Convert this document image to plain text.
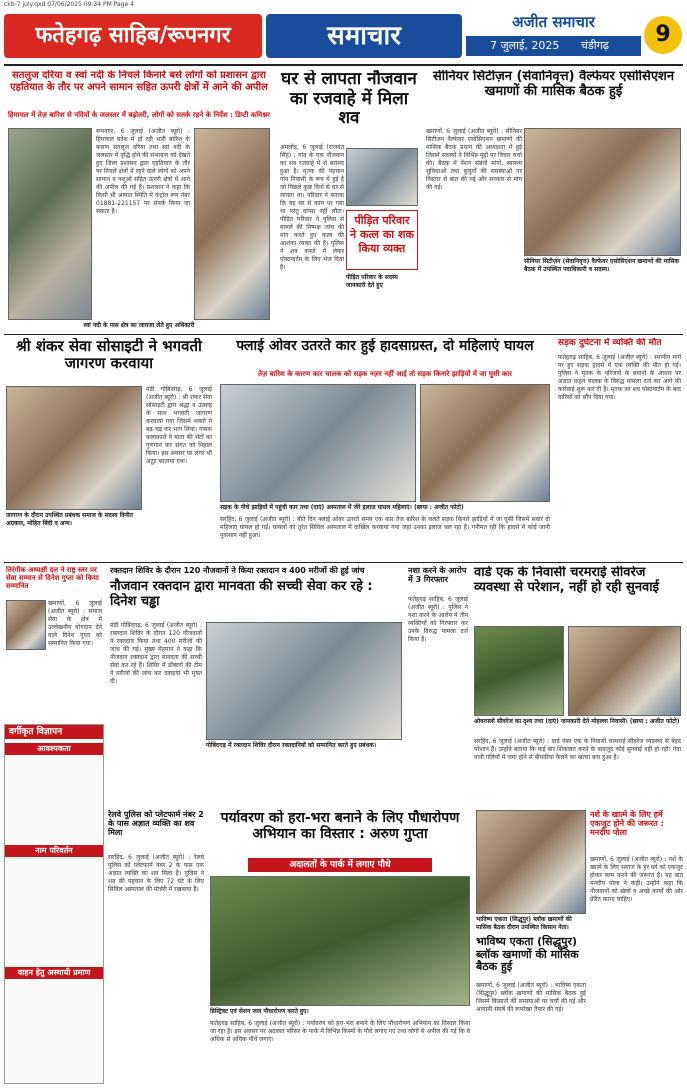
ckb-7 july.qxd 07/06/2025 09:34 PM Page 4
फतेहगढ़ साहिब/रूपनगर	समाचार	अजीत समाचार
7 जुलाई, 2025 चंडीगढ़	9
सतलुज दरिया व स्वां नदी के निचले किनारे बसे लोगों को प्रशासन द्वारा एहतियात के तौर पर अपने सामान सहित ऊपरी क्षेत्रों में आने की अपील
हिमाचल में तेज़ बारिश से नदियों के जलस्तर में बढ़ोतरी, लोगों को सतर्क रहने के निर्देश : डिप्टी कमिश्नर
रूपनगर, 6 जुलाई (अजीत ब्यूरो) : हिमाचल प्रदेश में हो रही भारी बारिश के कारण सतलुज दरिया तथा स्वां नदी के जलस्तर में वृद्धि होने की संभावना को देखते हुए जिला प्रशासन द्वारा एहतियात के तौर पर निचले क्षेत्रों में रहने वाले लोगों को अपने सामान व पशुओं सहित ऊपरी क्षेत्रों में आने की अपील की गई है। प्रशासन ने कहा कि किसी भी आपात स्थिति में कंट्रोल रूम नंबर 01881-221157 पर संपर्क किया जा सकता है।
स्वां नदी के पास क्षेत्र का जायजा लेते हुए अधिकारी
घर से लापता नौजवान का रजवाहे में मिला शव
अमलोह, 6 जुलाई (राजवंत सिंह) : गांव के एक नौजवान का शव रजवाहे में से बरामद हुआ है। मृतक की पहचान गांव निवासी के रूप में हुई है जो पिछले कुछ दिनों से घर से लापता था। परिवार ने बताया कि वह घर से काम पर गया था परंतु वापस नहीं लौटा। पीड़ित परिवार ने पुलिस से मामले की निष्पक्ष जांच की मांग करते हुए कत्ल की आशंका व्यक्त की है। पुलिस ने शव कब्जे में लेकर पोस्टमार्टम के लिए भेज दिया है।
पीड़ित परिवार ने कत्ल का शक किया व्यक्त
पीड़ित परिवार के सदस्य जानकारी देते हुए
सीनियर सिटीज़न (सेवानिवृत्त) वैल्फेयर एसोसिएशन खमाणों की मासिक बैठक हुई
खमाणों, 6 जुलाई (अजीत ब्यूरो) : सीनियर सिटीज़न वैल्फेयर एसोसिएशन खमाणों की मासिक बैठक प्रधान की अध्यक्षता में हुई जिसमें सदस्यों ने विभिन्न मुद्दों पर विचार चर्चा की। बैठक में पेंशन संबंधी मांगों, स्वास्थ्य सुविधाओं तथा बुजुर्गों की समस्याओं पर विस्तार से बात की गई और सरकार से मांग की गई।
सीनियर सिटीज़न (सेवानिवृत्त) वैल्फेयर एसोसिएशन खमाणों की मासिक बैठक में उपस्थित पदाधिकारी व सदस्य।
श्री शंकर सेवा सोसाइटी ने भगवती जागरण करवाया
जागरण के दौरान उपस्थित प्रबंधक समाज के सदस्य विनीत अग्रवाल, मोहित बिंदी व अन्य।
मंडी गोबिंदगढ़, 6 जुलाई (अजीत ब्यूरो) : श्री शंकर सेवा सोसाइटी द्वारा श्रद्धा व उत्साह के साथ भगवती जागरण करवाया गया जिसमें भक्तों ने बढ़-चढ़ कर भाग लिया। गायक कलाकारों ने माता की भेंटों का गुणगान कर संगत को निहाल किया। इस अवसर पर लंगर भी अटूट बरताया गया।
फ्लाई ओवर उतरते कार हुई हादसाग्रस्त, दो महिलाएं घायल
तेज़ बारिश के कारण कार चालक को सड़क नज़र नहीं आई तो सड़क किनारे झाड़ियों में जा घुसी कार
सड़क के नीचे झाड़ियों में पहुंची कार तथा (दाएं) अस्पताल में जेरे इलाज घायल महिलाएं। (छाया : अजीत फोटो)
सरहिंद, 6 जुलाई (अजीत ब्यूरो) : बीते दिन फ्लाई ओवर उतरते समय एक कार तेज़ बारिश के चलते सड़क किनारे झाड़ियों में जा घुसी जिसमें सवार दो महिलाएं घायल हो गईं। घायलों को तुरंत सिविल अस्पताल में दाखिल करवाया गया जहां उनका इलाज चल रहा है। गनीमत रही कि हादसे में कोई जानी नुकसान नहीं हुआ।
सड़क दुर्घटना में व्यक्ति की मौत
फतेहगढ़ साहिब, 6 जुलाई (अजीत ब्यूरो) : स्थानीय मार्ग पर हुए सड़क हादसे में एक व्यक्ति की मौत हो गई। पुलिस ने मृतक के परिजनों के बयानों के आधार पर अज्ञात वाहन चालक के विरुद्ध मामला दर्ज कर आगे की कार्रवाई शुरू कर दी है। मृतक का शव पोस्टमार्टम के बाद वारिसों को सौंप दिया गया।
तिरंगीक अध्यक्षी दल ने राष्ट्र स्तर पर सेवा सम्मान से दिनेश गुप्ता को किया सम्मानित
खमाणों, 6 जुलाई (अजीत ब्यूरो) : समाज सेवा के क्षेत्र में उल्लेखनीय योगदान देने वाले दिनेश गुप्ता को सम्मानित किया गया।
रक्तदान शिविर के दौरान 120 नौजवानों ने किया रक्तदान व 400 मरीजों की हुई जांच
नौजवान रक्तदान द्वारा मानवता की सच्ची सेवा कर रहे : दिनेश चड्ढा
मंडी गोबिंदगढ़, 6 जुलाई (अजीत ब्यूरो) : रक्तदान शिविर के दौरान 120 नौजवानों ने रक्तदान किया तथा 400 मरीजों की जांच की गई। मुख्य मेहमान ने कहा कि नौजवान रक्तदान द्वारा मानवता की सच्ची सेवा कर रहे हैं। शिविर में डॉक्टरों की टीम ने मरीजों की जांच कर दवाइयां भी मुफ्त दीं।
गोबिंदगढ़ में रक्तदान शिविर दौरान रक्तदानियों को सम्मानित करते हुए प्रबंधक।
नशा करने के आरोप में 3 गिरफ्तार
फतेहगढ़ साहिब, 6 जुलाई (अजीत ब्यूरो) : पुलिस ने नशा करने के आरोप में तीन व्यक्तियों को गिरफ्तार कर उनके विरुद्ध मामला दर्ज किया है।
वार्ड एक के निवासी चरमराई सीवरेज व्यवस्था से परेशान, नहीं हो रही सुनवाई
ओवरफ्लो सीवरेज का दृश्य तथा (दाएं) जानकारी देते मोहल्ला निवासी। (छाया : अजीत फोटो)
सरहिंद, 6 जुलाई (अजीत ब्यूरो) : वार्ड नंबर एक के निवासी चरमराई सीवरेज व्यवस्था से बेहद परेशान हैं। उन्होंने बताया कि कई बार शिकायत करने के बावजूद कोई सुनवाई नहीं हो रही। गंदा पानी गलियों में जमा होने से बीमारियां फैलने का खतरा बना हुआ है।
वर्गीकृत विज्ञापन
आवश्यकता
नाम परिवर्तन
वाहन हेतु अस्थायी प्रमाण
रेलवे पुलिस को प्लेटफार्म नंबर 2 के पास अज्ञात व्यक्ति का शव मिला
सरहिंद, 6 जुलाई (अजीत ब्यूरो) : रेलवे पुलिस को प्लेटफार्म नंबर 2 के पास एक अज्ञात व्यक्ति का शव मिला है। पुलिस ने शव की पहचान के लिए 72 घंटे के लिए सिविल अस्पताल की मोर्चरी में रखवाया है।
पर्यावरण को हरा-भरा बनाने के लिए पौधारोपण अभियान का विस्तार : अरुण गुप्ता
अदालतों के पार्क में लगाए पौधे
डिस्ट्रिक्ट एवं सेशन जज पौधारोपण करते हुए।
फतेहगढ़ साहिब, 6 जुलाई (अजीत ब्यूरो) : पर्यावरण को हरा-भरा बनाने के लिए पौधारोपण अभियान का विस्तार किया जा रहा है। इस अवसर पर अदालत परिसर के पार्क में विभिन्न किस्मों के पौधे लगाए गए तथा लोगों से अपील की गई कि वे अधिक से अधिक पौधे लगाएं।
भाविष्य एकता (सिद्धूपुर) ब्लॉक खमाणों की मासिक बैठक दौरान उपस्थित किसान नेता।
भाविष्य एकता (सिद्धूपुर) ब्लॉक खमाणों की मासिक बैठक हुई
खमाणों, 6 जुलाई (अजीत ब्यूरो) : भाविष्य एकता (सिद्धूपुर) ब्लॉक खमाणों की मासिक बैठक हुई जिसमें किसानों की समस्याओं पर चर्चा की गई और आगामी संघर्ष की रूपरेखा तैयार की गई।
नशे के खात्मे के लिए हमें एकजुट होने की जरूरत : मनदीप पोला
खमाणों, 6 जुलाई (अजीत ब्यूरो) : नशे के खात्मे के लिए समाज के हर वर्ग को एकजुट होकर काम करने की जरूरत है। यह बात मनदीप पोला ने कही। उन्होंने कहा कि नौजवानों को खेलों व अच्छे कार्यों की ओर प्रेरित करना चाहिए।
